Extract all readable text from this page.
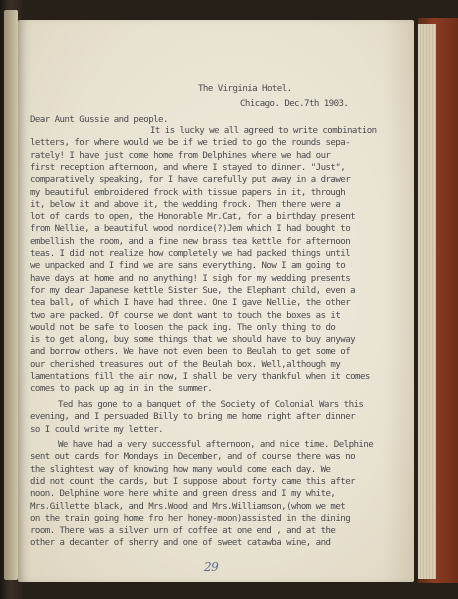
The Virginia Hotel.
Chicago. Dec.7th 1903.
Dear Aunt Gussie and people.
It is lucky we all agreed to write combination
letters, for where would we be if we tried to go the rounds sepa-
rately! I have just come home from Delphines where we had our
first reception afternoon, and where I stayed to dinner. "Just",
comparatively speaking, for I have carefully put away in a drawer
my beautiful embroidered frock with tissue papers in it, through
it, below it and above it, the wedding frock. Then there were a
lot of cards to open, the Honorable Mr.Cat, for a birthday present
from Nellie, a beautiful wood nordice(?)Jem which I had bought to
embellish the room, and a fine new brass tea kettle for afternoon
teas. I did not realize how completely we had packed things until
we unpacked and I find we are sans everything. Now I am going to
have days at home and no anything! I sigh for my wedding presents
for my dear Japanese kettle Sister Sue, the Elephant child, even a
tea ball, of which I have had three. One I gave Nellie, the other
two are packed. Of course we dont want to touch the boxes as it
would not be safe to loosen the pack ing. The only thing to do
is to get along, buy some things that we should have to buy anyway
and borrow others. We have not even been to Beulah to get some of
our cherished treasures out of the Beulah box. Well,although my
lamentations fill the air now, I shall be very thankful when it comes
comes to pack up ag in in the summer.
Ted has gone to a banquet of the Society of Colonial Wars this
evening, and I persuaded Billy to bring me home right after dinner
so I could write my letter.
We have had a very successful afternoon, and nice time. Delphine
sent out cards for Mondays in December, and of course there was no
the slightest way of knowing how many would come each day. We
did not count the cards, but I suppose about forty came this after
noon. Delphine wore here white and green dress and I my white,
Mrs.Gillette black, and Mrs.Wood and Mrs.Williamson,(whom we met
on the train going home fro her honey-moon)assisted in the dining
room. There was a silver urn of coffee at one end , and at the
other a decanter of sherry and one of sweet catawba wine, and
29
